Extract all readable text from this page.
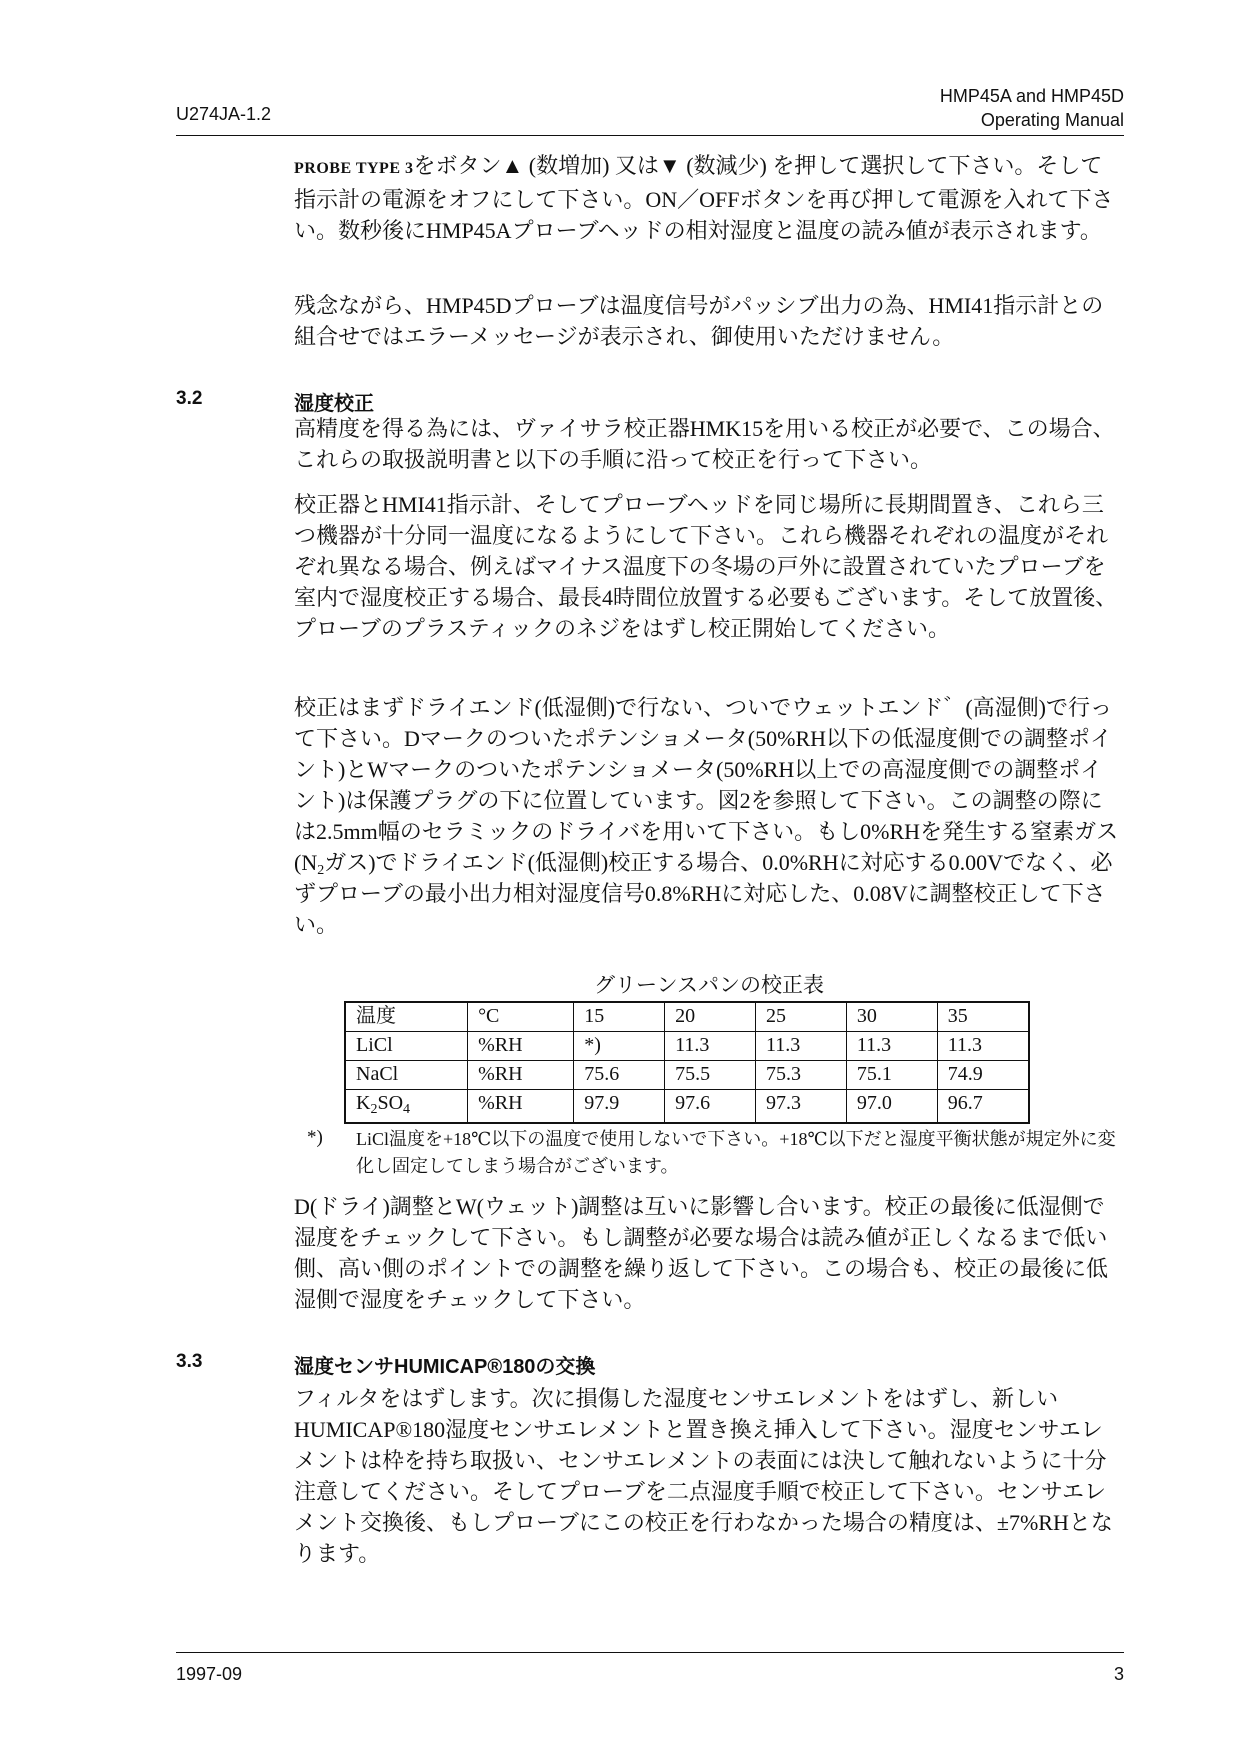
U274JA-1.2
HMP45A and HMP45D
Operating Manual

PROBE TYPE 3をボタン▲ (数増加) 又は▼ (数減少) を押して選択して下さい。そして指示計の電源をオフにして下さい。ON／OFFボタンを再び押して電源を入れて下さい。数秒後にHMP45Aプローブヘッドの相対湿度と温度の読み値が表示されます。

残念ながら、HMP45Dプローブは温度信号がパッシブ出力の為、HMI41指示計との組合せではエラーメッセージが表示され、御使用いただけません。

3.2	湿度校正

高精度を得る為には、ヴァイサラ校正器HMK15を用いる校正が必要で、この場合、これらの取扱説明書と以下の手順に沿って校正を行って下さい。

校正器とHMI41指示計、そしてプローブヘッドを同じ場所に長期間置き、これら三つ機器が十分同一温度になるようにして下さい。これら機器それぞれの温度がそれぞれ異なる場合、例えばマイナス温度下の冬場の戸外に設置されていたプローブを室内で湿度校正する場合、最長4時間位放置する必要もございます。そして放置後、プローブのプラスティックのネジをはずし校正開始してください。

校正はまずドライエンド(低湿側)で行ない、ついでウェットエンド゛(高湿側)で行って下さい。Dマークのついたポテンショメータ(50%RH以下の低湿度側での調整ポイント)とWマークのついたポテンショメータ(50%RH以上での高湿度側での調整ポイント)は保護プラグの下に位置しています。図2を参照して下さい。この調整の際には2.5mm幅のセラミックのドライバを用いて下さい。もし0%RHを発生する窒素ガス($N_2$ガス)でドライエンド(低湿側)校正する場合、0.0%RHに対応する0.00Vでなく、必ずプローブの最小出力相対湿度信号0.8%RHに対応した、0.08Vに調整校正して下さい。

グリーンスパンの校正表
温度	°C	15	20	25	30	35
LiCl	%RH	*)	11.3	11.3	11.3	11.3
NaCl	%RH	75.6	75.5	75.3	75.1	74.9
$K_2SO_4$	%RH	97.9	97.6	97.3	97.0	96.7
*) LiCl温度を+18℃以下の温度で使用しないで下さい。+18℃以下だと湿度平衡状態が規定外に変化し固定してしまう場合がございます。

D(ドライ)調整とW(ウェット)調整は互いに影響し合います。校正の最後に低湿側で湿度をチェックして下さい。もし調整が必要な場合は読み値が正しくなるまで低い側、高い側のポイントでの調整を繰り返して下さい。この場合も、校正の最後に低湿側で湿度をチェックして下さい。

3.3	湿度センサHUMICAP®180の交換

フィルタをはずします。次に損傷した湿度センサエレメントをはずし、新しいHUMICAP®180湿度センサエレメントと置き換え挿入して下さい。湿度センサエレメントは枠を持ち取扱い、センサエレメントの表面には決して触れないように十分注意してください。そしてプローブを二点湿度手順で校正して下さい。センサエレメント交換後、もしプローブにこの校正を行わなかった場合の精度は、±7%RHとなります。

1997-09	3
